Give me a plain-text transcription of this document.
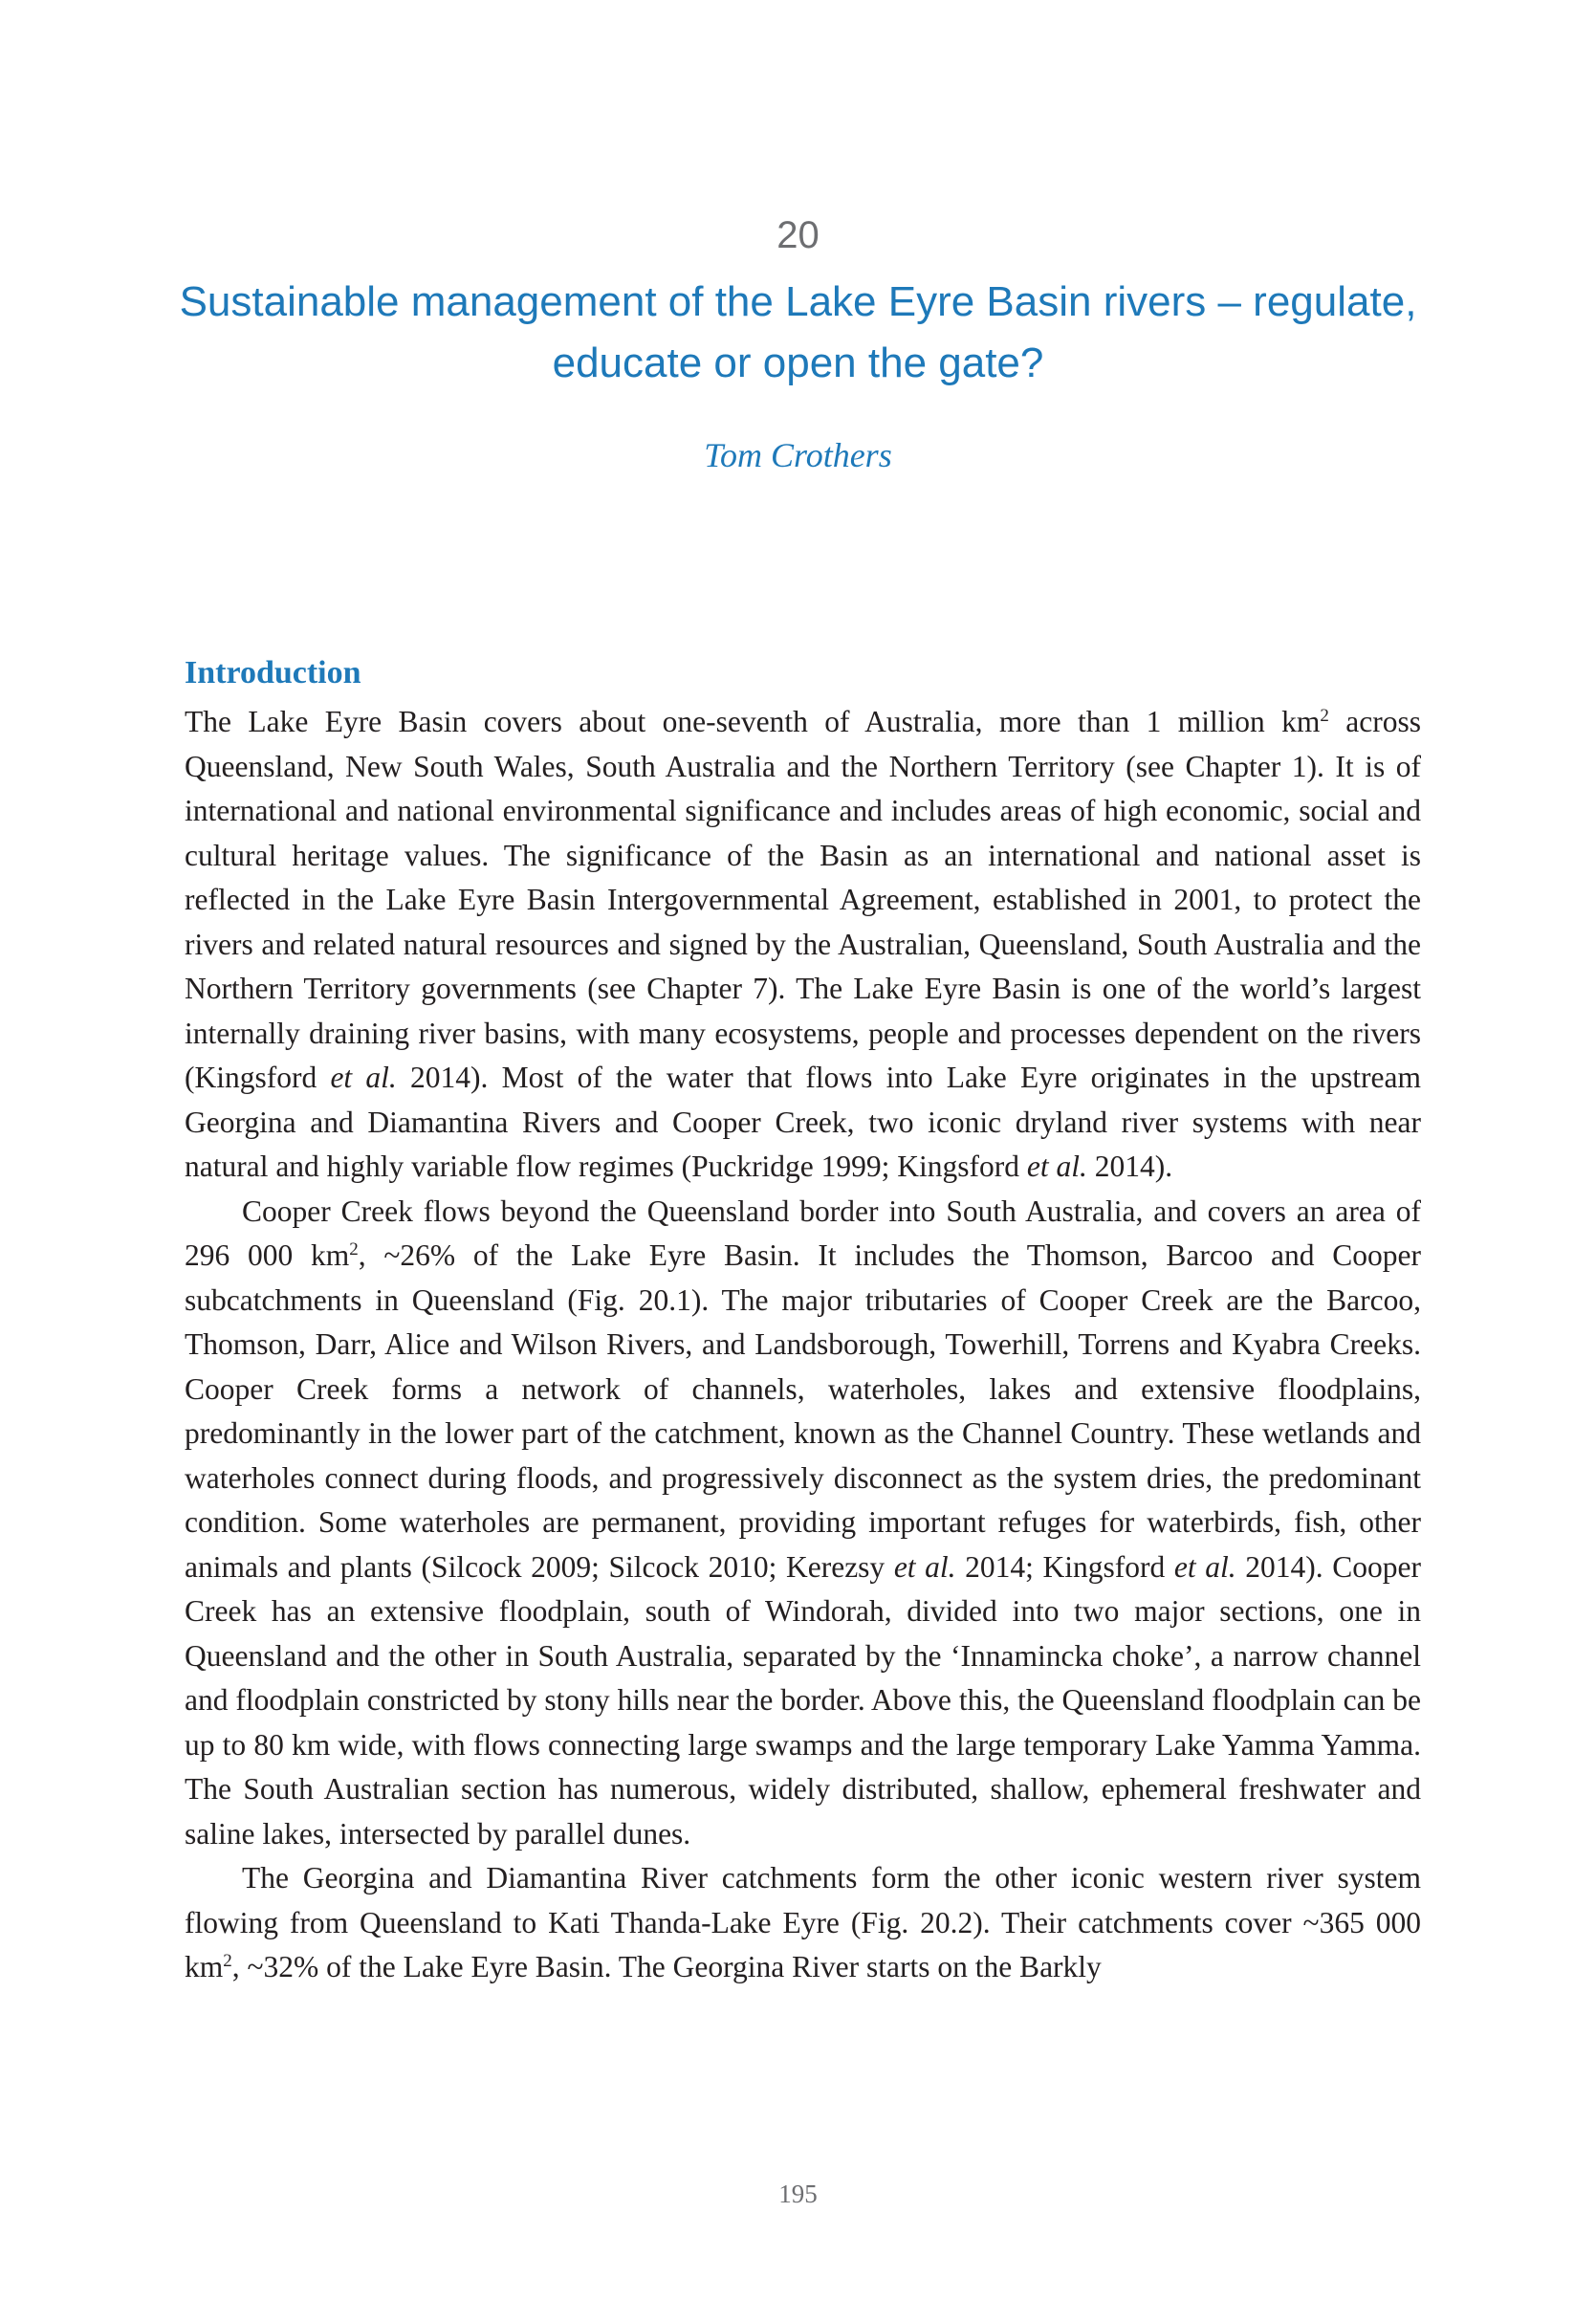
20
Sustainable management of the Lake Eyre Basin rivers – regulate, educate or open the gate?
Tom Crothers
Introduction

The Lake Eyre Basin covers about one-seventh of Australia, more than 1 million $km^2$ across Queensland, New South Wales, South Australia and the Northern Territory (see Chapter 1). It is of international and national environmental significance and includes areas of high economic, social and cultural heritage values. The significance of the Basin as an international and national asset is reflected in the Lake Eyre Basin Intergovernmental Agreement, established in 2001, to protect the rivers and related natural resources and signed by the Australian, Queensland, South Australia and the Northern Territory governments (see Chapter 7). The Lake Eyre Basin is one of the world’s largest internally draining river basins, with many ecosystems, people and processes dependent on the rivers (Kingsford et al. 2014). Most of the water that flows into Lake Eyre originates in the upstream Georgina and Diamantina Rivers and Cooper Creek, two iconic dryland river systems with near natural and highly variable flow regimes (Puckridge 1999; Kingsford et al. 2014).

Cooper Creek flows beyond the Queensland border into South Australia, and covers an area of 296 000 $km^2$, ~26% of the Lake Eyre Basin. It includes the Thomson, Barcoo and Cooper subcatchments in Queensland (Fig. 20.1). The major tributaries of Cooper Creek are the Barcoo, Thomson, Darr, Alice and Wilson Rivers, and Landsborough, Towerhill, Torrens and Kyabra Creeks. Cooper Creek forms a network of channels, waterholes, lakes and extensive floodplains, predominantly in the lower part of the catchment, known as the Channel Country. These wetlands and waterholes connect during floods, and progressively disconnect as the system dries, the predominant condition. Some waterholes are permanent, providing important refuges for waterbirds, fish, other animals and plants (Silcock 2009; Silcock 2010; Kerezsy et al. 2014; Kingsford et al. 2014). Cooper Creek has an extensive floodplain, south of Windorah, divided into two major sections, one in Queensland and the other in South Australia, separated by the ‘Innamincka choke’, a narrow channel and floodplain constricted by stony hills near the border. Above this, the Queensland floodplain can be up to 80 km wide, with flows connecting large swamps and the large temporary Lake Yamma Yamma. The South Australian section has numerous, widely distributed, shallow, ephemeral freshwater and saline lakes, intersected by parallel dunes.

The Georgina and Diamantina River catchments form the other iconic western river system flowing from Queensland to Kati Thanda-Lake Eyre (Fig. 20.2). Their catchments cover ~365 000 $km^2$, ~32% of the Lake Eyre Basin. The Georgina River starts on the Barkly

195
